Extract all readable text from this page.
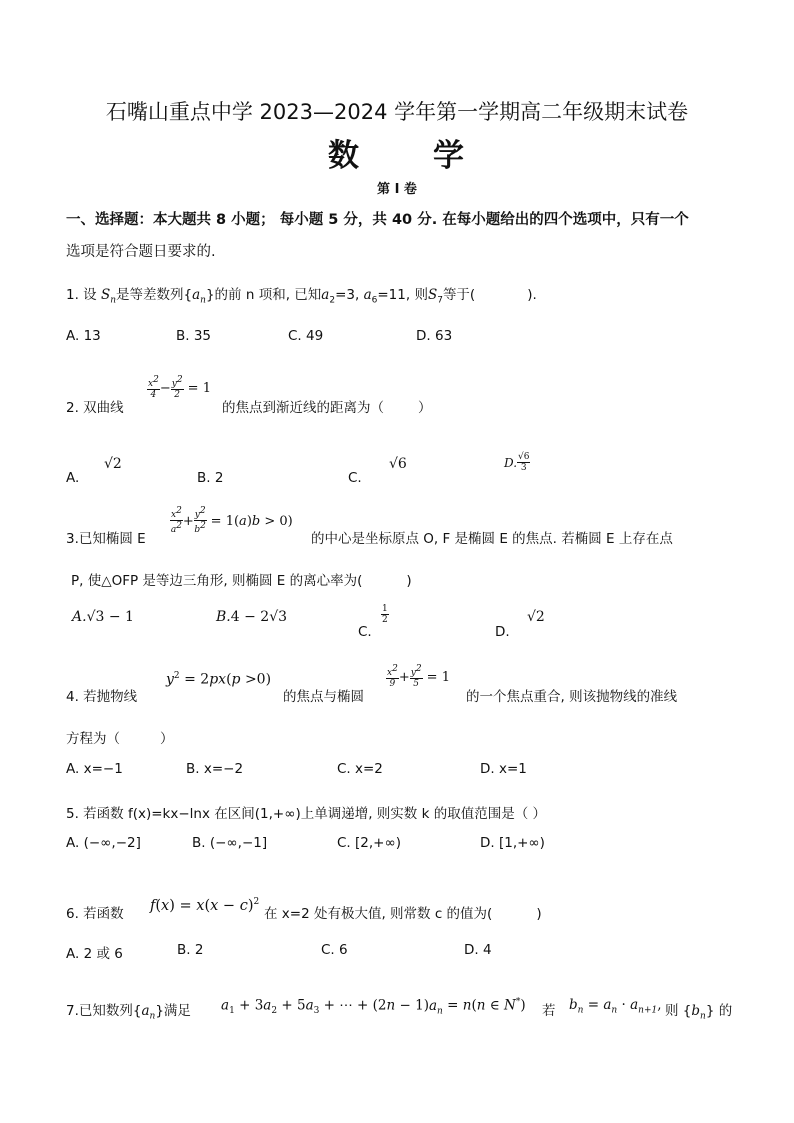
石嘴山重点中学 2023—2024 学年第一学期高二年级期末试卷
数 学
第 I 卷
一、选择题：本大题共 8 小题； 每小题 5 分，共 40 分. 在每小题给出的四个选项中，只有一个
选项是符合题日要求的.
1. 设 $S_n$是等差数列$\{a_n\}$的前 n 项和, 已知$a_2=3$, $a_6=11$, 则$S_7$等于(	).
A. 13	B. 35	C. 49	D. 63
2. 双曲线
$\frac{x^2}{4} - \frac{y^2}{2} = 1$
的焦点到渐近线的距离为（	）
A.
√2
B. 2	C.
√6	D. $\frac{√6}{3}$
3.已知椭圆 E
$\frac{x^2}{a^2} + \frac{y^2}{b^2} = 1(a)b > 0$)
的中心是坐标原点 O, F 是椭圆 E 的焦点. 若椭圆 E 上存在点
P, 使△OFP 是等边三角形, 则椭圆 E 的离心率为(	)
A.√3 − 1	B.4 − 2√3
C.
$\frac{1}{2}$
D.
√2
4. 若抛物线
$y^2 = 2px(p >0)$
的焦点与椭圆
$\frac{x^2}{9} + \frac{y^2}{5} = 1$
的一个焦点重合, 则该抛物线的准线
方程为（	）
A. x=−1	B. x=−2	C. x=2	D. x=1
5. 若函数 f(x)=kx−lnx 在区间(1,+∞)上单调递增, 则实数 k 的取值范围是（ ）
A. (−∞,−2]	B. (−∞,−1]	C. [2,+∞)	D. [1,+∞)
6. 若函数
$f(x) = x(x - c)^2$
在 x=2 处有极大值, 则常数 c 的值为(	)
A. 2 或 6	B. 2	C. 6	D. 4
7.已知数列$\{a_n\}$满足 $a_1 + 3a_2 + 5a_3$ + ⋯ + $(2n - 1)a_n = n(n$ ∈ N*) 若 $b_n = a_n \cdot a_{n+1}$, 则 $\{b_n\}$ 的
